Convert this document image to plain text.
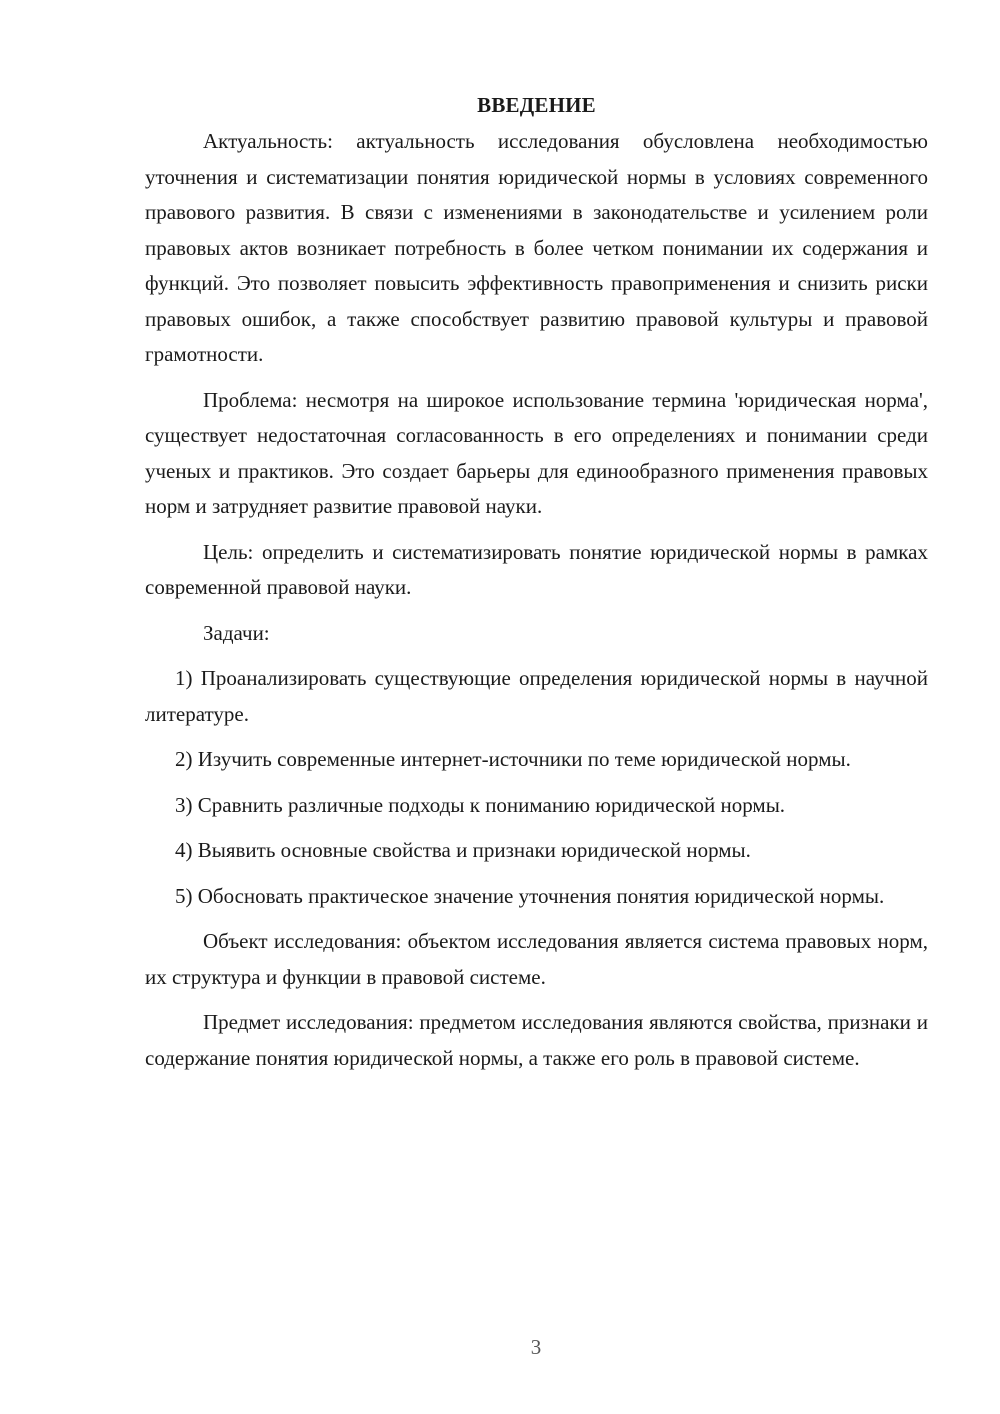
ВВЕДЕНИЕ

Актуальность: актуальность исследования обусловлена необходимостью уточнения и систематизации понятия юридической нормы в условиях современного правового развития. В связи с изменениями в законодательстве и усилением роли правовых актов возникает потребность в более четком понимании их содержания и функций. Это позволяет повысить эффективность правоприменения и снизить риски правовых ошибок, а также способствует развитию правовой культуры и правовой грамотности.

Проблема: несмотря на широкое использование термина 'юридическая норма', существует недостаточная согласованность в его определениях и понимании среди ученых и практиков. Это создает барьеры для единообразного применения правовых норм и затрудняет развитие правовой науки.

Цель: определить и систематизировать понятие юридической нормы в рамках современной правовой науки.

Задачи:

1) Проанализировать существующие определения юридической нормы в научной литературе.

2) Изучить современные интернет-источники по теме юридической нормы.

3) Сравнить различные подходы к пониманию юридической нормы.

4) Выявить основные свойства и признаки юридической нормы.

5) Обосновать практическое значение уточнения понятия юридической нормы.

Объект исследования: объектом исследования является система правовых норм, их структура и функции в правовой системе.

Предмет исследования: предметом исследования являются свойства, признаки и содержание понятия юридической нормы, а также его роль в правовой системе.

3
